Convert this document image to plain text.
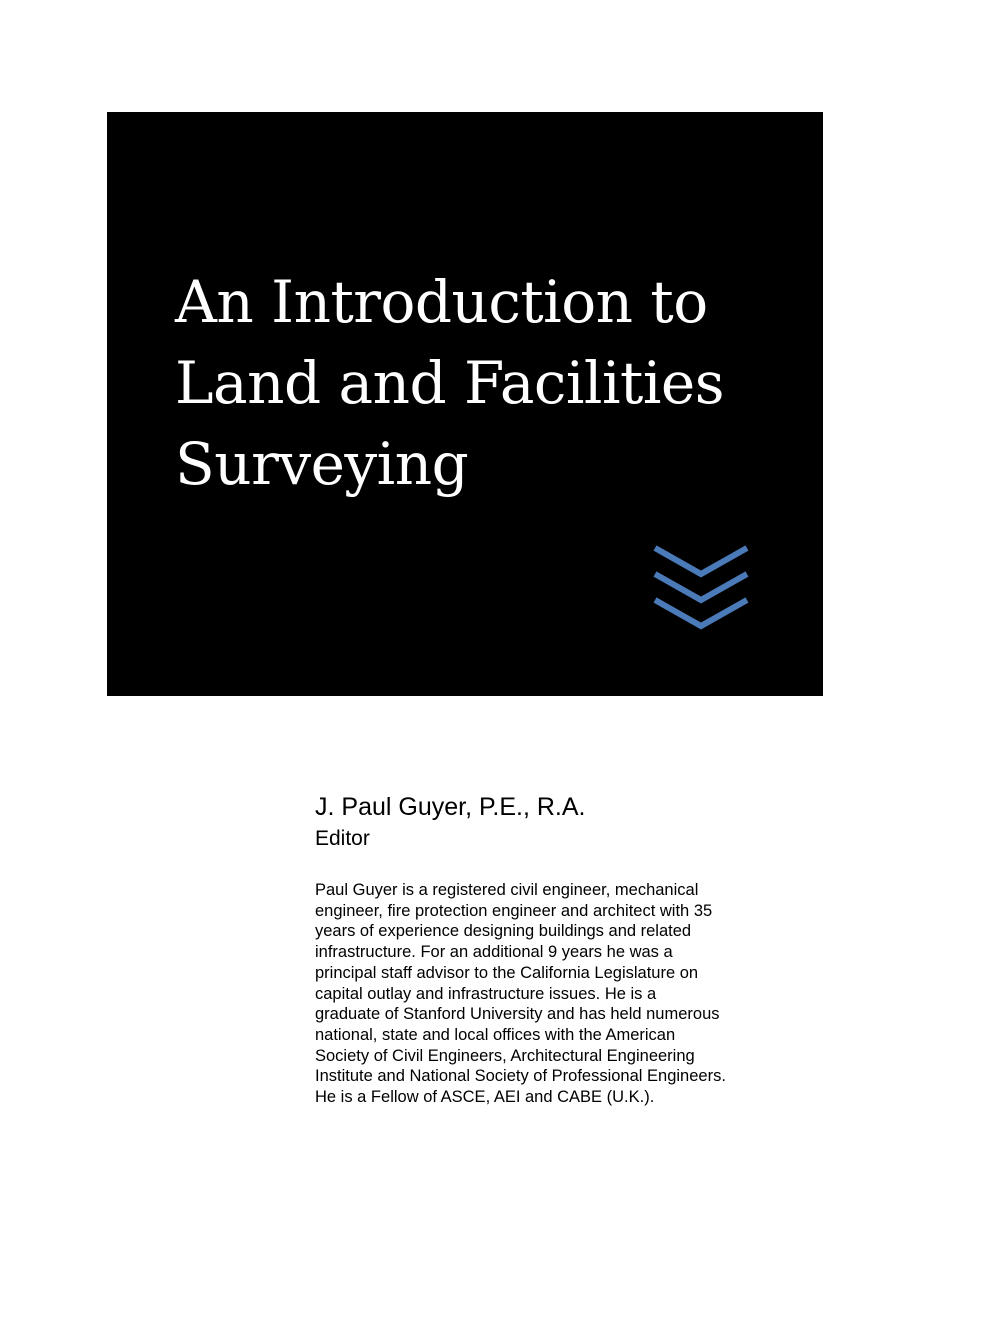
An Introduction to
Land and Facilities
Surveying

J. Paul Guyer, P.E., R.A.

Editor

Paul Guyer is a registered civil engineer, mechanical
engineer, fire protection engineer and architect with 35
years of experience designing buildings and related
infrastructure. For an additional 9 years he was a
principal staff advisor to the California Legislature on
capital outlay and infrastructure issues. He is a
graduate of Stanford University and has held numerous
national, state and local offices with the American
Society of Civil Engineers, Architectural Engineering
Institute and National Society of Professional Engineers.
He is a Fellow of ASCE, AEI and CABE (U.K.).
